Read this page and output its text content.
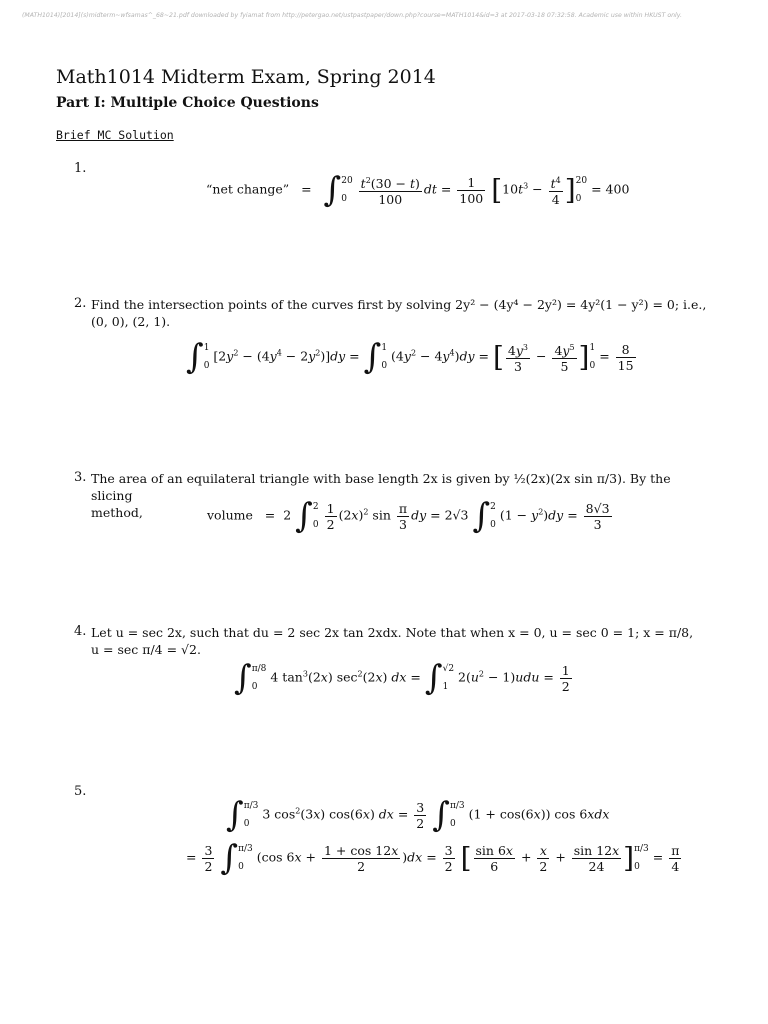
(MATH1014)[2014](s)midterm~wfsamas^_68~21.pdf downloaded by fyiamat from http://petergao.net/ustpastpaper/down.php?course=MATH1014&id=3 at 2017-03-18 07:32:58. Academic use within HKUST only.
Math1014 Midterm Exam, Spring 2014
Part I: Multiple Choice Questions
Brief MC Solution
1.
“net change”   =   ∫ 20
0
$\frac{t^2(30 - t)}{100}$ dt = $\frac{1}{100} [10t^3 - \frac{t^4}{4}$ ] 20
0
= 400
2. Find the intersection points of the curves first by solving 2y² − (4y⁴ − 2y²) = 4y²(1 − y²) = 0; i.e.,
(0, 0), (2, 1).
∫ 1
0
$[2y^2 - (4y^4 - 2y^2)]dy$ = ∫ 1
0
$(4y^2 - 4y^4)dy$ = [ $\frac{4y^3}{3} - \frac{4y^5}{5}$ ] 1
0
= $\frac{8}{15}$
3. The area of an equilateral triangle with base length 2x is given by ½(2x)(2x sin π/3). By the slicing
method,	volume   =  2 ∫ 2
0
$\frac{1}{2} (2x)^2$ $\sin \frac{\pi}{3}$ dy = 2√3 ∫ 2
0
$(1 - y^2)dy = \frac{8√3}{3}$
4. Let u = sec 2x, such that du = 2 sec 2x tan 2xdx. Note that when x = 0, u = sec 0 = 1; x = π/8,
u = sec π/4 = √2.
∫ π/8
0
4 $\tan^3(2x)$ $\sec^2(2x)$ dx = ∫ √2
1
$2(u^2 - 1)udu = \frac{1}{2}$
5.
∫ π/3
0
3 $\cos^2(3x)$ cos(6x) dx = $\frac{3}{2}$ ∫ π/3
0
(1 + cos(6x)) cos 6xdx
= $\frac{3}{2}$ ∫ π/3
0
(cos $6x + \frac{1 + \cos 12x}{2} )dx = \frac{3}{2}$ [ $\frac{\sin 6x}{6} + \frac{x}{2} + \frac{\sin 12x}{24}$ ] π/3
0
= $\frac{\pi}{4}$
